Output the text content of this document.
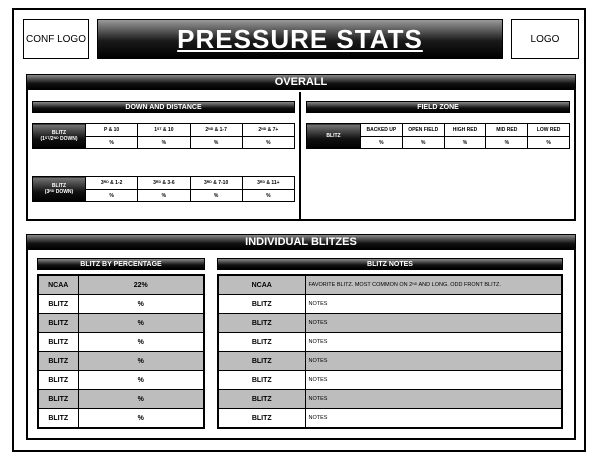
CONF LOGO	PRESSURE STATS	LOGO
OVERALL
DOWN AND DISTANCE	FIELD ZONE
BLITZ
(1ST/2ND DOWN)	P & 10	1ST & 10	2ND & 1-7	2ND & 7+
	%	%	%	%
BLITZ
(3RD DOWN)	3RD & 1-2	3RD & 3-6	3RD & 7-10	3RD & 11+
	%	%	%	%
BLITZ	BACKED UP	OPEN FIELD	HIGH RED	MID RED	LOW RED
	%	%	%	%	%
INDIVIDUAL BLITZES
BLITZ BY PERCENTAGE	BLITZ NOTES
NCAA	22%
BLITZ	%
BLITZ	%
BLITZ	%
BLITZ	%
BLITZ	%
BLITZ	%
BLITZ	%
NCAA	FAVORITE BLITZ. MOST COMMON ON 2ND AND LONG. ODD FRONT BLITZ.
BLITZ	NOTES
BLITZ	NOTES
BLITZ	NOTES
BLITZ	NOTES
BLITZ	NOTES
BLITZ	NOTES
BLITZ	NOTES
